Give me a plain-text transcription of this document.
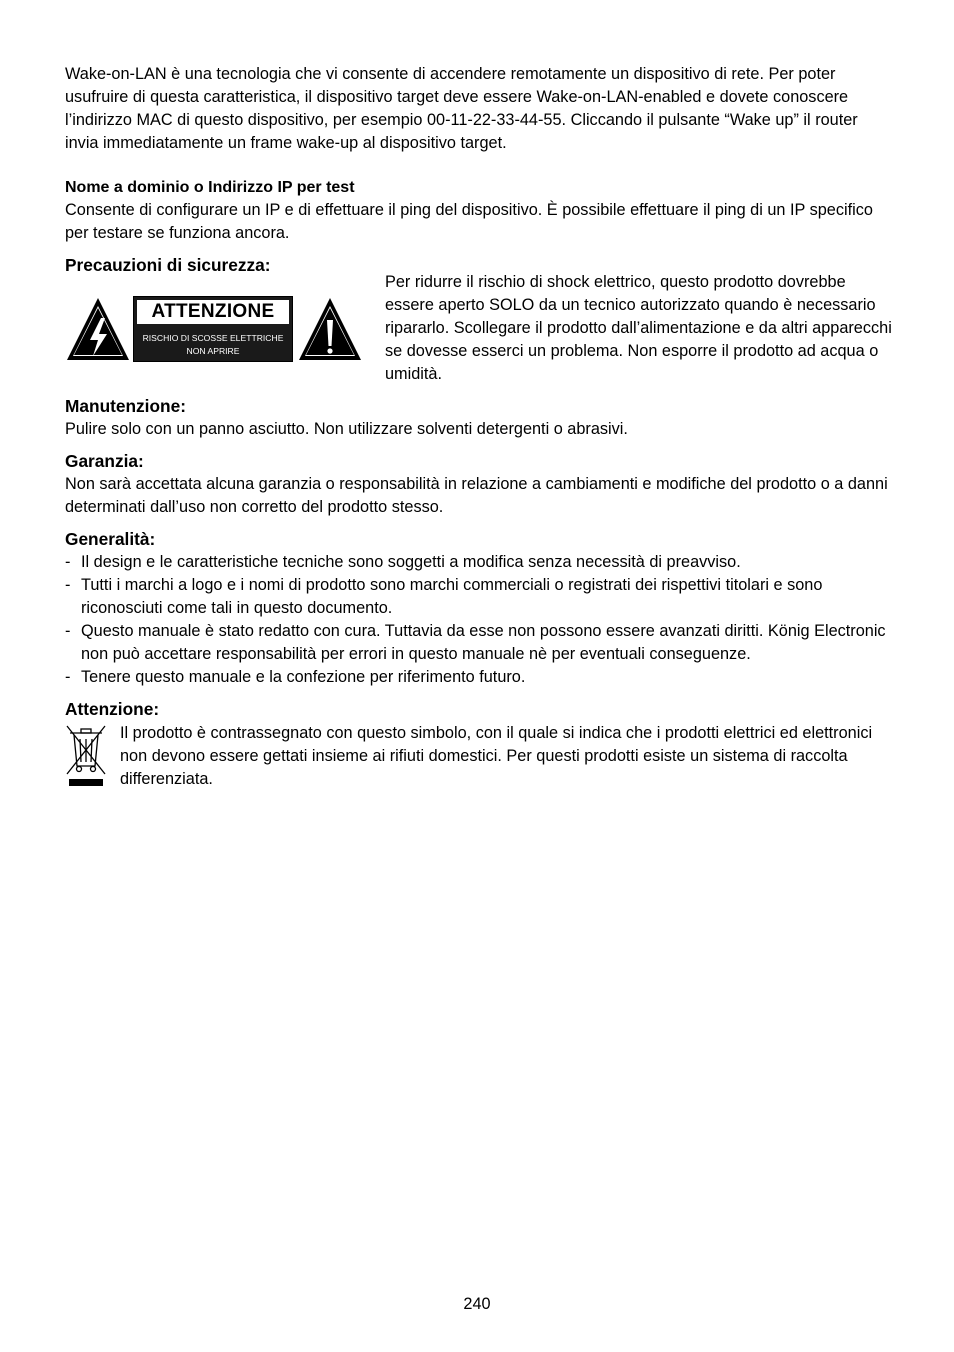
Wake-on-LAN è una tecnologia che vi consente di accendere remotamente un dispositivo di rete. Per poter usufruire di questa caratteristica, il dispositivo target deve essere Wake-on-LAN-enabled e dovete conoscere l’indirizzo MAC di questo dispositivo, per esempio 00-11-22-33-44-55. Cliccando il pulsante “Wake up” il router invia immediatamente un frame wake-up al dispositivo target.

Nome a dominio o Indirizzo IP per test

Consente di configurare un IP e di effettuare il ping del dispositivo. È possibile effettuare il ping di un IP specifico per testare se funziona ancora.

Precauzioni di sicurezza:

ATTENZIONE
RISCHIO DI SCOSSE ELETTRICHE
NON APRIRE

Per ridurre il rischio di shock elettrico, questo prodotto dovrebbe essere aperto SOLO da un tecnico autorizzato quando è necessario ripararlo. Scollegare il prodotto dall’alimentazione e da altri apparecchi se dovesse esserci un problema. Non esporre il prodotto ad acqua o umidità.

Manutenzione:

Pulire solo con un panno asciutto. Non utilizzare solventi detergenti o abrasivi.

Garanzia:

Non sarà accettata alcuna garanzia o responsabilità in relazione a cambiamenti e modifiche del prodotto o a danni determinati dall’uso non corretto del prodotto stesso.

Generalità:

- Il design e le caratteristiche tecniche sono soggetti a modifica senza necessità di preavviso.
- Tutti i marchi a logo e i nomi di prodotto sono marchi commerciali o registrati dei rispettivi titolari e sono riconosciuti come tali in questo documento.
- Questo manuale è stato redatto con cura. Tuttavia da esse non possono essere avanzati diritti. König Electronic non può accettare responsabilità per errori in questo manuale nè per eventuali conseguenze.
- Tenere questo manuale e la confezione per riferimento futuro.

Attenzione:

Il prodotto è contrassegnato con questo simbolo, con il quale si indica che i prodotti elettrici ed elettronici non devono essere gettati insieme ai rifiuti domestici. Per questi prodotti esiste un sistema di raccolta differenziata.

240
